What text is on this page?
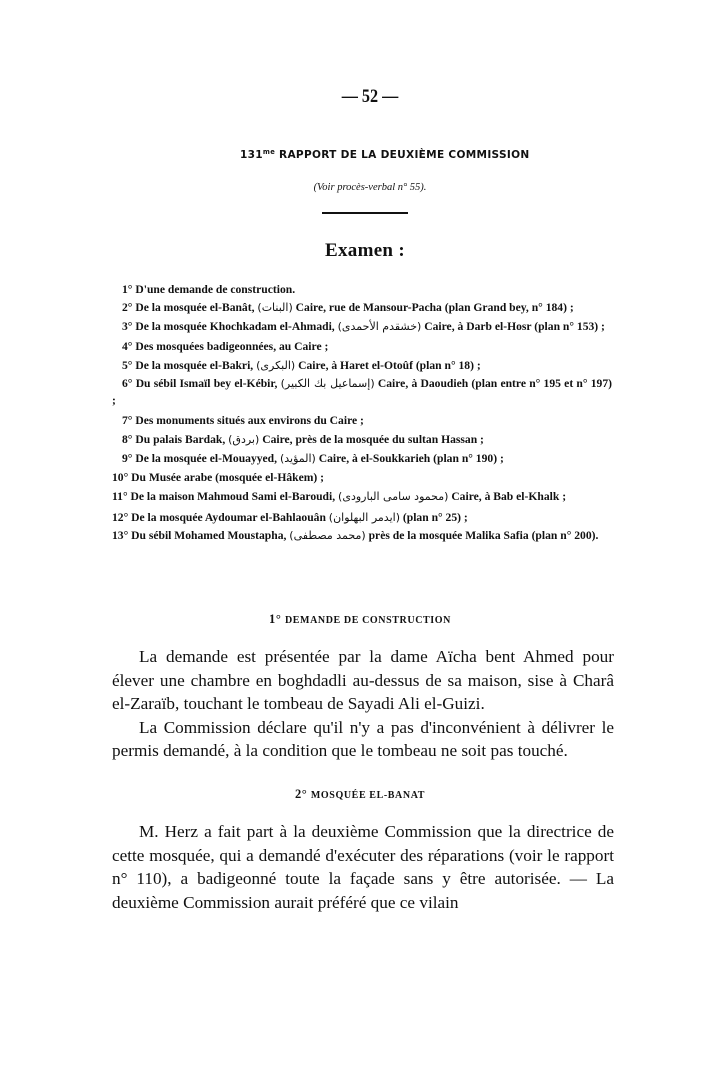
— 52 —
$131^{me}$ RAPPORT DE LA DEUXIÈME COMMISSION
(Voir procès-verbal n° 55).
Examen :
1° D'une demande de construction.
2° De la mosquée el-Banât, (البنات) Caire, rue de Mansour-Pacha (plan Grand bey, n° 184) ;
3° De la mosquée Khochkadam el-Ahmadi, (خشقدم الأحمدى) Caire, à Darb el-Hosr (plan n° 153) ;
4° Des mosquées badigeonnées, au Caire ;
5° De la mosquée el-Bakri, (البكرى) Caire, à Haret el-Otoûf (plan n° 18) ;
6° Du sébil Ismaïl bey el-Kébir, (إسماعيل بك الكبير) Caire, à Daoudieh (plan entre n° 195 et n° 197) ;
7° Des monuments situés aux environs du Caire ;
8° Du palais Bardak, (بردق) Caire, près de la mosquée du sultan Hassan ;
9° De la mosquée el-Mouayyed, (المؤيد) Caire, à el-Soukkarieh (plan n° 190) ;
10° Du Musée arabe (mosquée el-Hâkem) ;
11° De la maison Mahmoud Sami el-Baroudi, (محمود سامى البارودى) Caire, à Bab el-Khalk ;
12° De la mosquée Aydoumar el-Bahlaouân (ايدمر البهلوان) (plan n° 25) ;
13° Du sébil Mohamed Moustapha, (محمد مصطفى) près de la mosquée Malika Safia (plan n° 200).
1° DEMANDE DE CONSTRUCTION

La demande est présentée par la dame Aïcha bent Ahmed pour élever une chambre en boghdadli au-dessus de sa maison, sise à Charâ el-Zaraïb, touchant le tombeau de Sayadi Ali el-Guizi.

La Commission déclare qu'il n'y a pas d'inconvénient à délivrer le permis demandé, à la condition que le tombeau ne soit pas touché.

2° MOSQUÉE EL-BANAT

M. Herz a fait part à la deuxième Commission que la directrice de cette mosquée, qui a demandé d'exécuter des réparations (voir le rapport n° 110), a badigeonné toute la façade sans y être autorisée. — La deuxième Commission aurait préféré que ce vilain
